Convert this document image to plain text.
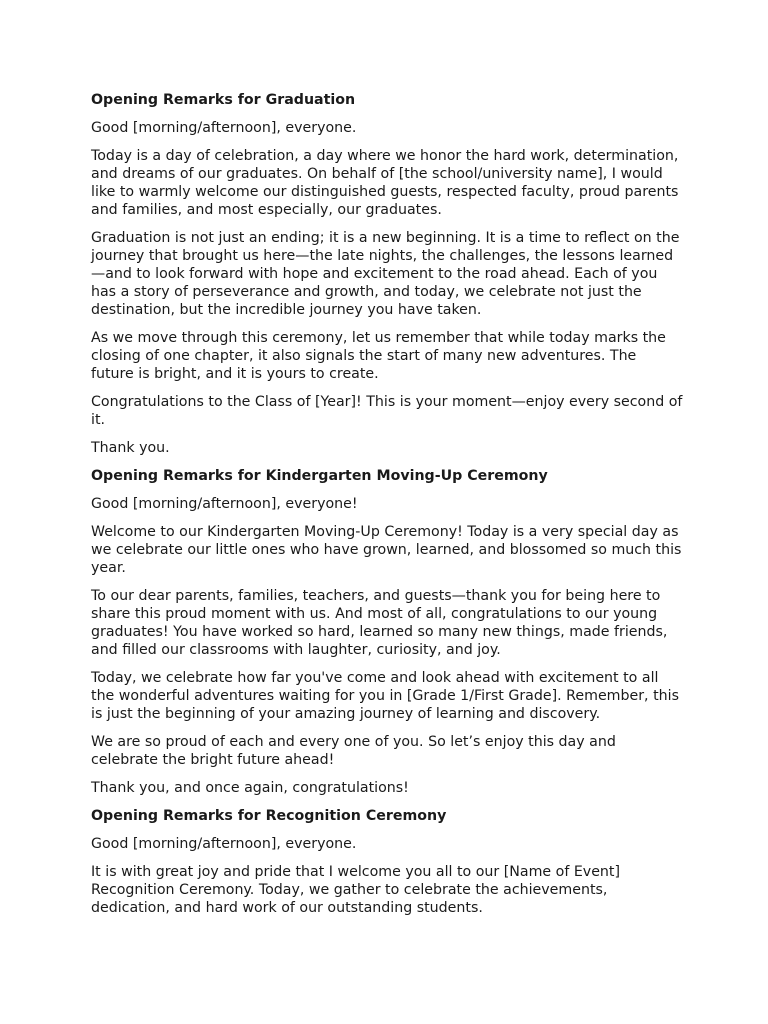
Opening Remarks for Graduation
Good [morning/afternoon], everyone.
Today is a day of celebration, a day where we honor the hard work, determination, and dreams of our graduates. On behalf of [the school/university name], I would like to warmly welcome our distinguished guests, respected faculty, proud parents and families, and most especially, our graduates.
Graduation is not just an ending; it is a new beginning. It is a time to reflect on the journey that brought us here—the late nights, the challenges, the lessons learned—and to look forward with hope and excitement to the road ahead. Each of you has a story of perseverance and growth, and today, we celebrate not just the destination, but the incredible journey you have taken.
As we move through this ceremony, let us remember that while today marks the closing of one chapter, it also signals the start of many new adventures. The future is bright, and it is yours to create.
Congratulations to the Class of [Year]! This is your moment—enjoy every second of it.
Thank you.
Opening Remarks for Kindergarten Moving-Up Ceremony
Good [morning/afternoon], everyone!
Welcome to our Kindergarten Moving-Up Ceremony! Today is a very special day as we celebrate our little ones who have grown, learned, and blossomed so much this year.
To our dear parents, families, teachers, and guests—thank you for being here to share this proud moment with us. And most of all, congratulations to our young graduates! You have worked so hard, learned so many new things, made friends, and filled our classrooms with laughter, curiosity, and joy.
Today, we celebrate how far you've come and look ahead with excitement to all the wonderful adventures waiting for you in [Grade 1/First Grade]. Remember, this is just the beginning of your amazing journey of learning and discovery.
We are so proud of each and every one of you. So let’s enjoy this day and celebrate the bright future ahead!
Thank you, and once again, congratulations!
Opening Remarks for Recognition Ceremony
Good [morning/afternoon], everyone.
It is with great joy and pride that I welcome you all to our [Name of Event] Recognition Ceremony. Today, we gather to celebrate the achievements, dedication, and hard work of our outstanding students.
